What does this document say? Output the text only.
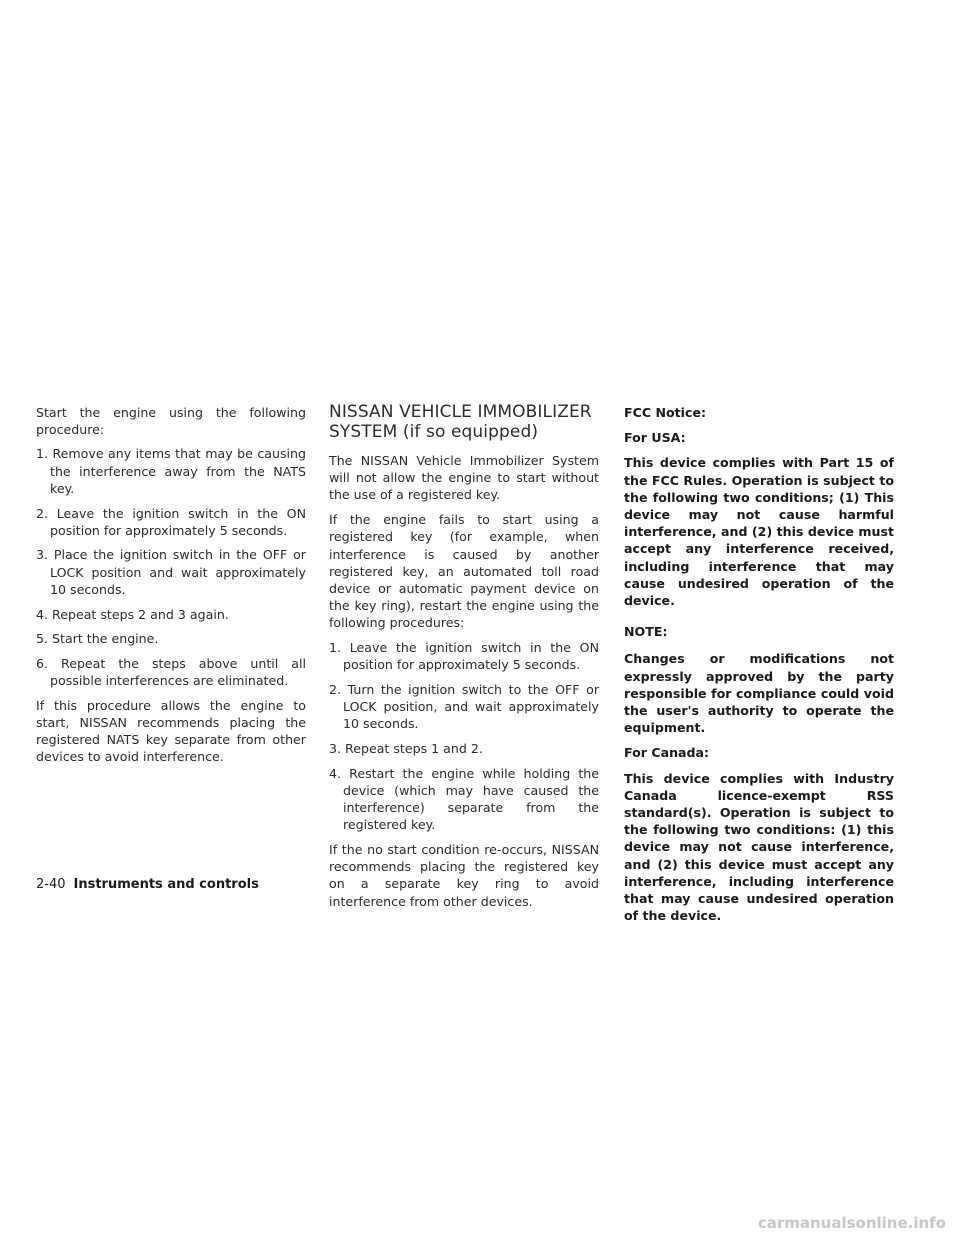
Start the engine using the following procedure:

1. Remove any items that may be causing the interference away from the NATS key.
2. Leave the ignition switch in the ON position for approximately 5 seconds.
3. Place the ignition switch in the OFF or LOCK position and wait approximately 10 seconds.
4. Repeat steps 2 and 3 again.
5. Start the engine.
6. Repeat the steps above until all possible interferences are eliminated.

If this procedure allows the engine to start, NISSAN recommends placing the registered NATS key separate from other devices to avoid interference.

NISSAN VEHICLE IMMOBILIZER SYSTEM (if so equipped)

The NISSAN Vehicle Immobilizer System will not allow the engine to start without the use of a registered key.

If the engine fails to start using a registered key (for example, when interference is caused by another registered key, an automated toll road device or automatic payment device on the key ring), restart the engine using the following procedures:

1. Leave the ignition switch in the ON position for approximately 5 seconds.
2. Turn the ignition switch to the OFF or LOCK position, and wait approximately 10 seconds.
3. Repeat steps 1 and 2.
4. Restart the engine while holding the device (which may have caused the interference) separate from the registered key.

If the no start condition re-occurs, NISSAN recommends placing the registered key on a separate key ring to avoid interference from other devices.

FCC Notice:

For USA:

This device complies with Part 15 of the FCC Rules. Operation is subject to the following two conditions; (1) This device may not cause harmful interference, and (2) this device must accept any interference received, including interference that may cause undesired operation of the device.

NOTE:

Changes or modifications not expressly approved by the party responsible for compliance could void the user's authority to operate the equipment.

For Canada:

This device complies with Industry Canada licence-exempt RSS standard(s). Operation is subject to the following two conditions: (1) this device may not cause interference, and (2) this device must accept any interference, including interference that may cause undesired operation of the device.

2-40 Instruments and controls
carmanualsonline.info
